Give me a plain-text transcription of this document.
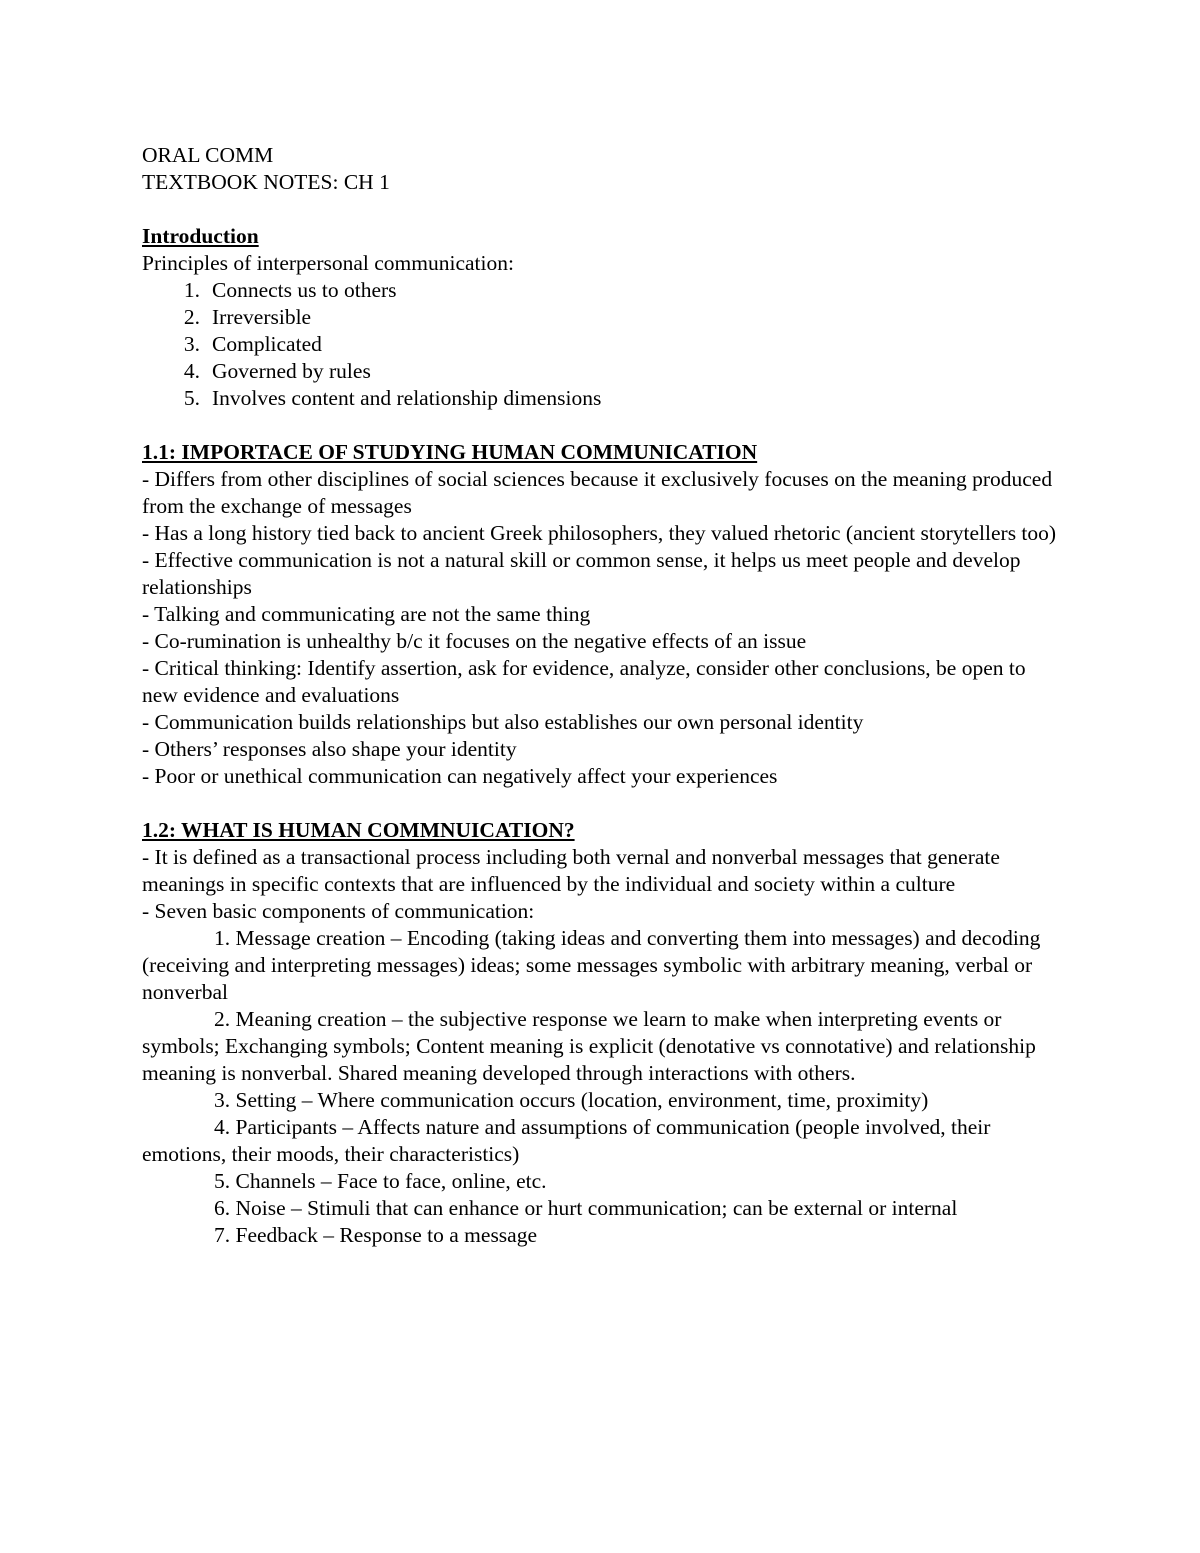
ORAL COMM
TEXTBOOK NOTES: CH 1
Introduction
Principles of interpersonal communication:
1. Connects us to others
2. Irreversible
3. Complicated
4. Governed by rules
5. Involves content and relationship dimensions
1.1: IMPORTACE OF STUDYING HUMAN COMMUNICATION
- Differs from other disciplines of social sciences because it exclusively focuses on the meaning produced from the exchange of messages
- Has a long history tied back to ancient Greek philosophers, they valued rhetoric (ancient storytellers too)
- Effective communication is not a natural skill or common sense, it helps us meet people and develop relationships
- Talking and communicating are not the same thing
- Co-rumination is unhealthy b/c it focuses on the negative effects of an issue
- Critical thinking: Identify assertion, ask for evidence, analyze, consider other conclusions, be open to new evidence and evaluations
- Communication builds relationships but also establishes our own personal identity
- Others’ responses also shape your identity
- Poor or unethical communication can negatively affect your experiences
1.2: WHAT IS HUMAN COMMNUICATION?
- It is defined as a transactional process including both vernal and nonverbal messages that generate meanings in specific contexts that are influenced by the individual and society within a culture
- Seven basic components of communication:
1. Message creation – Encoding (taking ideas and converting them into messages) and decoding (receiving and interpreting messages) ideas; some messages symbolic with arbitrary meaning, verbal or nonverbal
2. Meaning creation – the subjective response we learn to make when interpreting events or symbols; Exchanging symbols; Content meaning is explicit (denotative vs connotative) and relationship meaning is nonverbal. Shared meaning developed through interactions with others.
3. Setting – Where communication occurs (location, environment, time, proximity)
4. Participants – Affects nature and assumptions of communication (people involved, their emotions, their moods, their characteristics)
5. Channels – Face to face, online, etc.
6. Noise – Stimuli that can enhance or hurt communication; can be external or internal
7. Feedback – Response to a message
